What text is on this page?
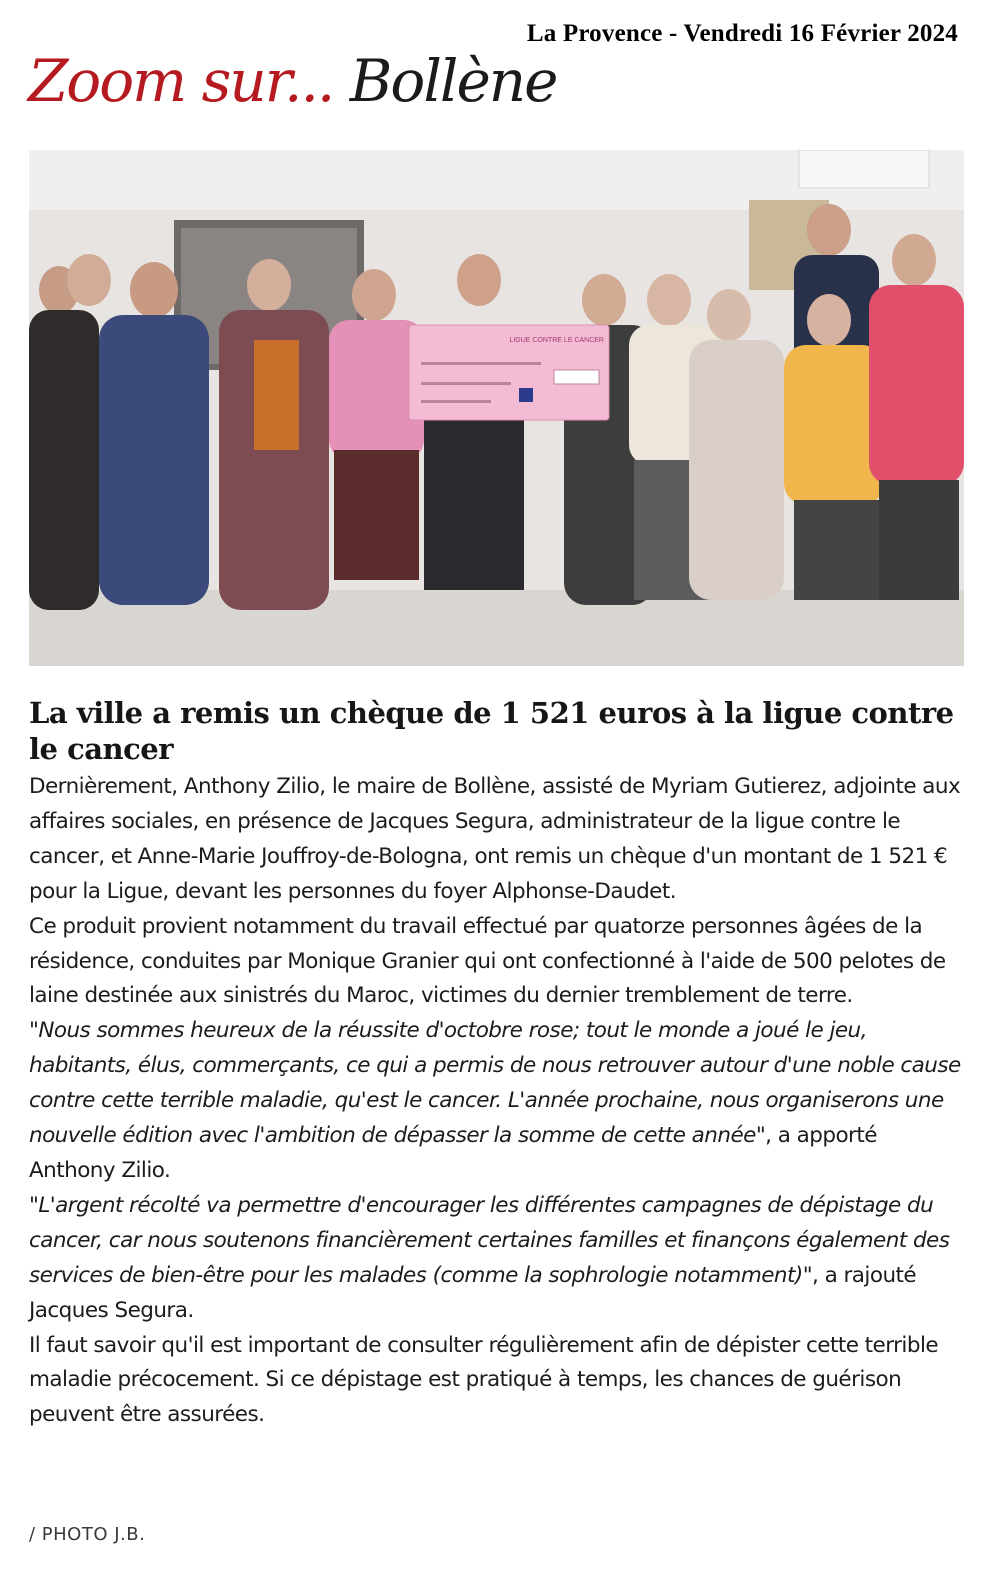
La Provence - Vendredi 16 Février 2024
Zoom sur... Bollène
LIGUE CONTRE LE CANCER
La ville a remis un chèque de 1 521 euros à la ligue contre le cancer

Dernièrement, Anthony Zilio, le maire de Bollène, assisté de Myriam Gutierez, adjointe aux affaires sociales, en présence de Jacques Segura, administrateur de la ligue contre le cancer, et Anne-Marie Jouffroy-de-Bologna, ont remis un chèque d'un montant de 1 521 € pour la Ligue, devant les personnes du foyer Alphonse-Daudet.

Ce produit provient notamment du travail effectué par quatorze personnes âgées de la résidence, conduites par Monique Granier qui ont confectionné à l'aide de 500 pelotes de laine destinée aux sinistrés du Maroc, victimes du dernier tremblement de terre.

"Nous sommes heureux de la réussite d'octobre rose; tout le monde a joué le jeu, habitants, élus, commerçants, ce qui a permis de nous retrouver autour d'une noble cause contre cette terrible maladie, qu'est le cancer. L'année prochaine, nous organiserons une nouvelle édition avec l'ambition de dépasser la somme de cette année", a apporté Anthony Zilio.

"L'argent récolté va permettre d'encourager les différentes campagnes de dépistage du cancer, car nous soutenons financièrement certaines familles et finançons également des services de bien-être pour les malades (comme la sophrologie notamment)", a rajouté Jacques Segura.

Il faut savoir qu'il est important de consulter régulièrement afin de dépister cette terrible maladie précocement. Si ce dépistage est pratiqué à temps, les chances de guérison peuvent être assurées.

/ PHOTO J.B.
